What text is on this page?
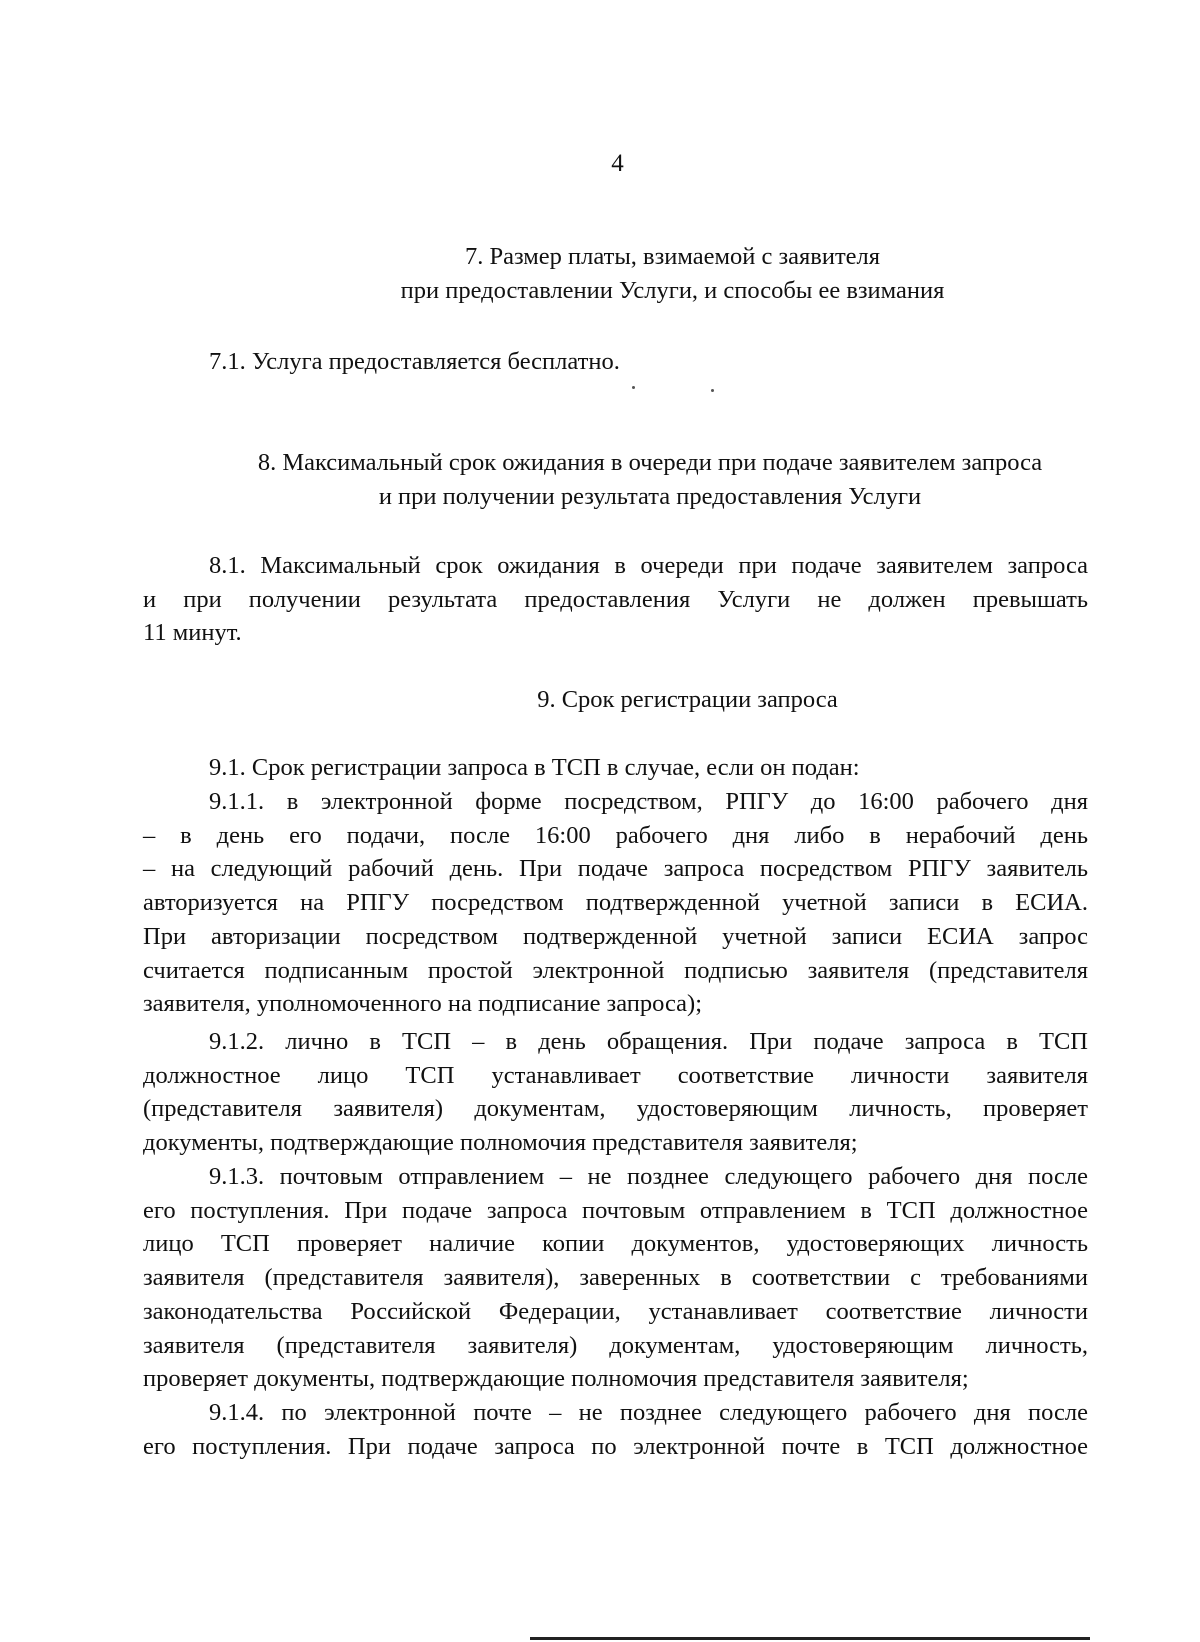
4
7. Размер платы, взимаемой с заявителя
при предоставлении Услуги, и способы ее взимания

7.1. Услуга предоставляется бесплатно.

8. Максимальный срок ожидания в очереди при подаче заявителем запроса
и при получении результата предоставления Услуги

8.1. Максимальный срок ожидания в очереди при подаче заявителем запроса
и при получении результата предоставления Услуги не должен превышать
11 минут.

9. Срок регистрации запроса

9.1. Срок регистрации запроса в ТСП в случае, если он подан:

9.1.1. в электронной форме посредством, РПГУ до 16:00 рабочего дня
– в день его подачи, после 16:00 рабочего дня либо в нерабочий день
– на следующий рабочий день. При подаче запроса посредством РПГУ заявитель
авторизуется на РПГУ посредством подтвержденной учетной записи в ЕСИА.
При авторизации посредством подтвержденной учетной записи ЕСИА запрос
считается подписанным простой электронной подписью заявителя (представителя
заявителя, уполномоченного на подписание запроса);

9.1.2. лично в ТСП – в день обращения. При подаче запроса в ТСП
должностное лицо ТСП устанавливает соответствие личности заявителя
(представителя заявителя) документам, удостоверяющим личность, проверяет
документы, подтверждающие полномочия представителя заявителя;

9.1.3. почтовым отправлением – не позднее следующего рабочего дня после
его поступления. При подаче запроса почтовым отправлением в ТСП должностное
лицо ТСП проверяет наличие копии документов, удостоверяющих личность
заявителя (представителя заявителя), заверенных в соответствии с требованиями
законодательства Российской Федерации, устанавливает соответствие личности
заявителя (представителя заявителя) документам, удостоверяющим личность,
проверяет документы, подтверждающие полномочия представителя заявителя;

9.1.4. по электронной почте – не позднее следующего рабочего дня после
его поступления. При подаче запроса по электронной почте в ТСП должностное
